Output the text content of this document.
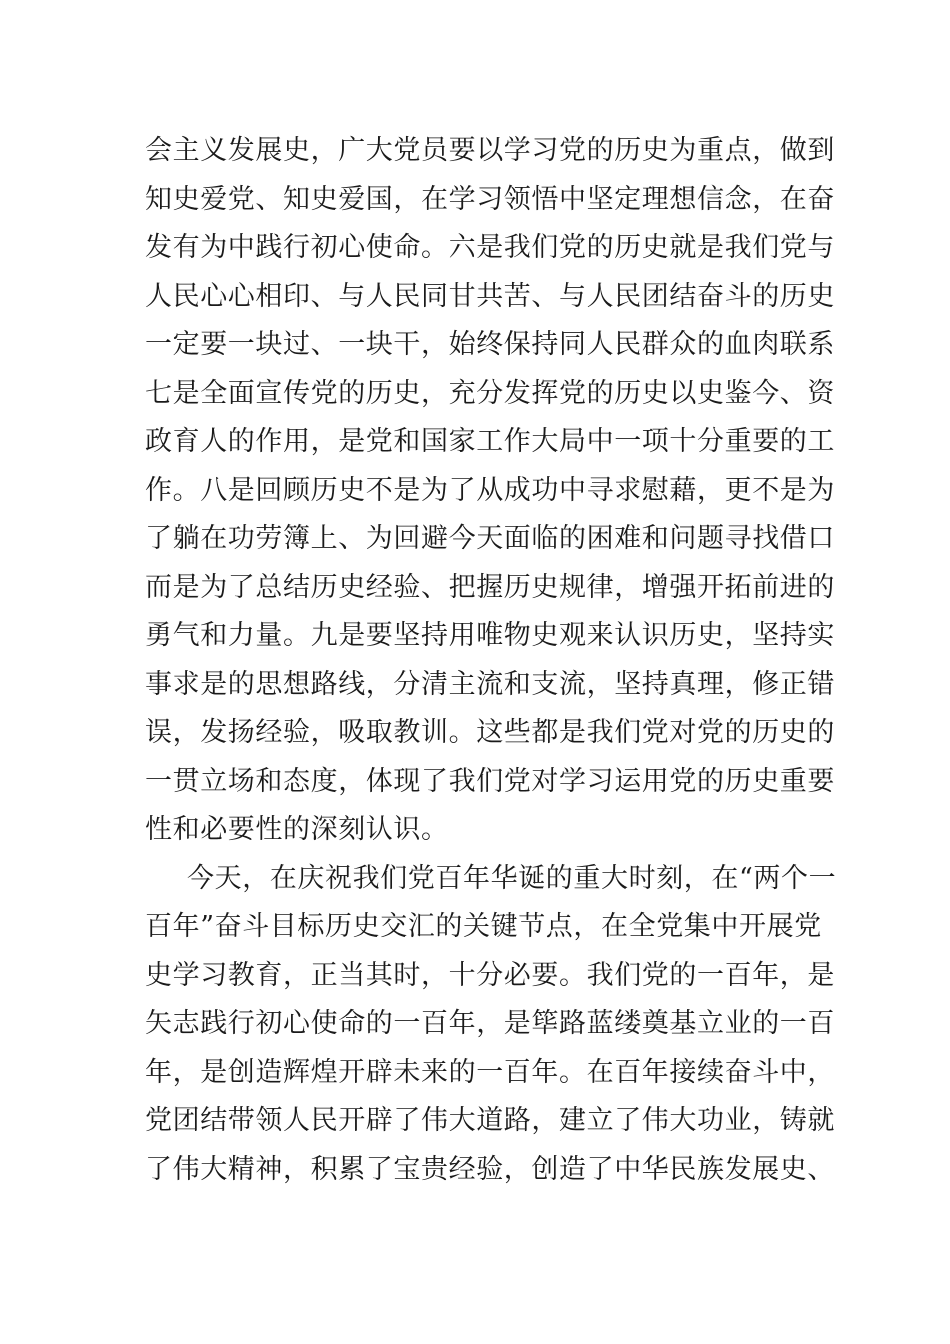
会主义发展史，广大党员要以学习党的历史为重点，做到
知史爱党、知史爱国，在学习领悟中坚定理想信念，在奋
发有为中践行初心使命。六是我们党的历史就是我们党与
人民心心相印、与人民同甘共苦、与人民团结奋斗的历史
一定要一块过、一块干，始终保持同人民群众的血肉联系
七是全面宣传党的历史，充分发挥党的历史以史鉴今、资
政育人的作用，是党和国家工作大局中一项十分重要的工
作。八是回顾历史不是为了从成功中寻求慰藉，更不是为
了躺在功劳簿上、为回避今天面临的困难和问题寻找借口
而是为了总结历史经验、把握历史规律，增强开拓前进的
勇气和力量。九是要坚持用唯物史观来认识历史，坚持实
事求是的思想路线，分清主流和支流，坚持真理，修正错
误，发扬经验，吸取教训。这些都是我们党对党的历史的
一贯立场和态度，体现了我们党对学习运用党的历史重要
性和必要性的深刻认识。
今天，在庆祝我们党百年华诞的重大时刻，在“两个一
百年”奋斗目标历史交汇的关键节点，在全党集中开展党
史学习教育，正当其时，十分必要。我们党的一百年，是
矢志践行初心使命的一百年，是筚路蓝缕奠基立业的一百
年，是创造辉煌开辟未来的一百年。在百年接续奋斗中，
党团结带领人民开辟了伟大道路，建立了伟大功业，铸就
了伟大精神，积累了宝贵经验，创造了中华民族发展史、
